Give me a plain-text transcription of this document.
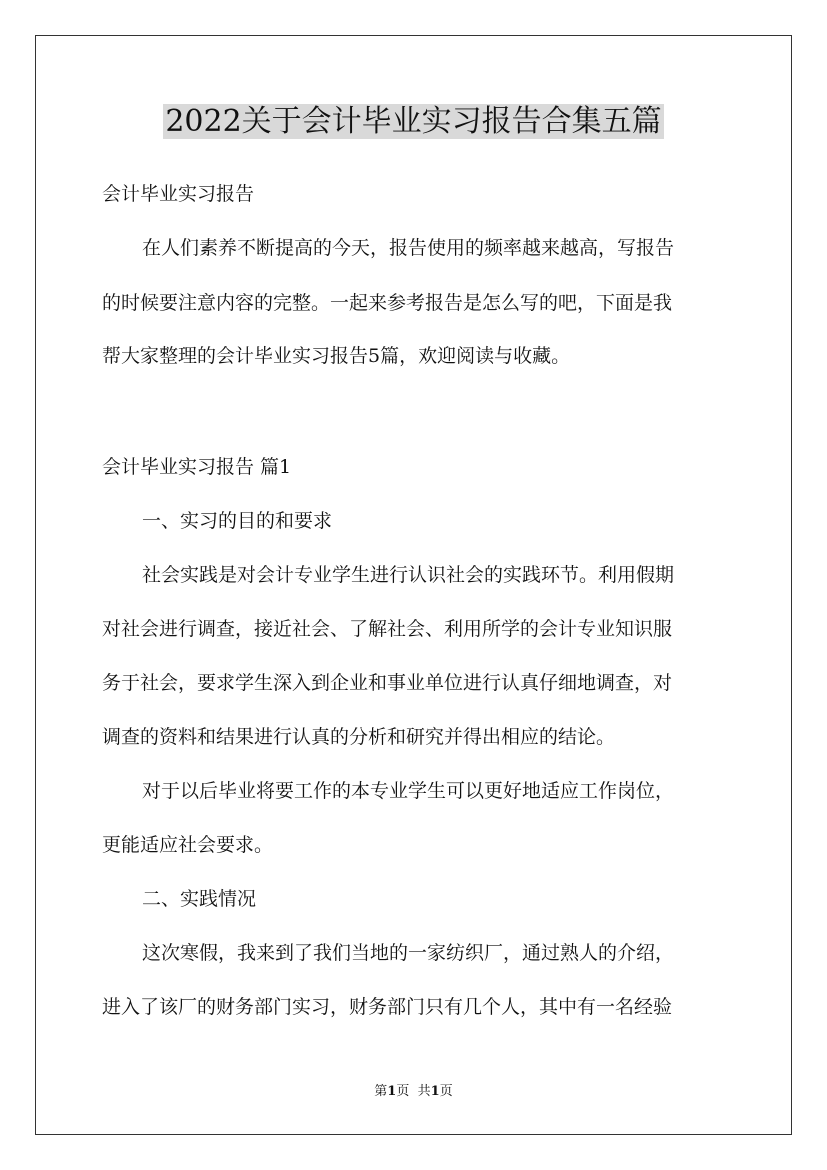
2022关于会计毕业实习报告合集五篇

会计毕业实习报告

在人们素养不断提高的今天，报告使用的频率越来越高，写报告

的时候要注意内容的完整。一起来参考报告是怎么写的吧，下面是我

帮大家整理的会计毕业实习报告5篇，欢迎阅读与收藏。

会计毕业实习报告 篇1

一、实习的目的和要求

社会实践是对会计专业学生进行认识社会的实践环节。利用假期

对社会进行调查，接近社会、了解社会、利用所学的会计专业知识服

务于社会，要求学生深入到企业和事业单位进行认真仔细地调查，对

调查的资料和结果进行认真的分析和研究并得出相应的结论。

对于以后毕业将要工作的本专业学生可以更好地适应工作岗位，

更能适应社会要求。

二、实践情况

这次寒假，我来到了我们当地的一家纺织厂，通过熟人的介绍，

进入了该厂的财务部门实习，财务部门只有几个人，其中有一名经验

第1页 共1页
